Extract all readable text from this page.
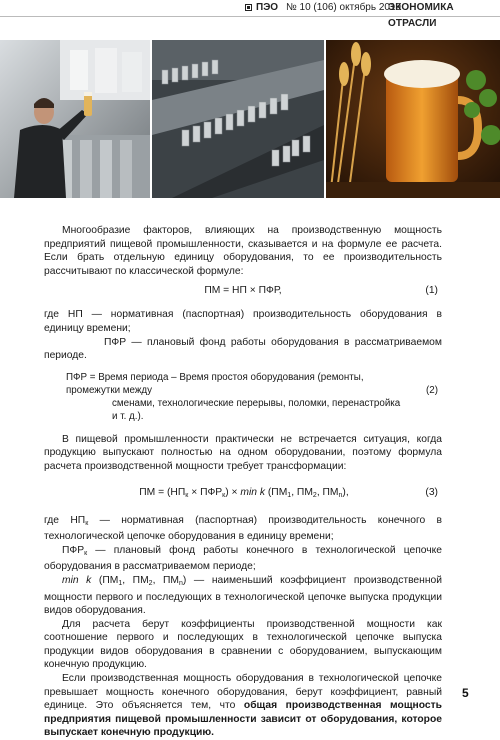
ПЭО № 10 (106) октябрь 2019
ЭКОНОМИКА ОТРАСЛИ

Многообразие факторов, влияющих на производственную мощность предприятий пищевой промышленности, сказывается и на формуле ее расчета. Если брать отдельную единицу оборудования, то ее производительность рассчитывают по классической формуле:

ПМ = НП × ПФР,	(1)

где НП — нормативная (паспортная) производительность оборудования в единицу времени;

ПФР — плановый фонд работы оборудования в рассматриваемом периоде.

ПФР = Время периода – Время простоя оборудования (ремонты, промежутки между
сменами, технологические перерывы, поломки, перенастройка и т. д.).
(2)

В пищевой промышленности практически не встречается ситуация, когда продукцию выпускают полностью на одном оборудовании, поэтому формула расчета производственной мощности требует трансформации:

ПМ = $(НП_к \times ПФР_к) \times \min k$ ($ПМ_1$, $ПМ_2$, $ПМ_n$),	(3)

где $НП_к$ — нормативная (паспортная) производительность конечного в технологической цепочке оборудования в единицу времени;

$ПФР_к$ — плановый фонд работы конечного в технологической цепочке оборудования в рассматриваемом периоде;

min k ($ПМ_1$, $ПМ_2$, $ПМ_n$) — наименьший коэффициент производственной мощности первого и последующих в технологической цепочке выпуска продукции видов оборудования.

Для расчета берут коэффициенты производственной мощности как соотношение первого и последующих в технологической цепочке выпуска продукции видов оборудования в сравнении с оборудованием, выпускающим конечную продукцию.

Если производственная мощность оборудования в технологической цепочке превышает мощность конечного оборудования, берут коэффициент, равный единице. Это объясняется тем, что общая производственная мощность предприятия пищевой промышленности зависит от оборудования, которое выпускает конечную продукцию.

5
